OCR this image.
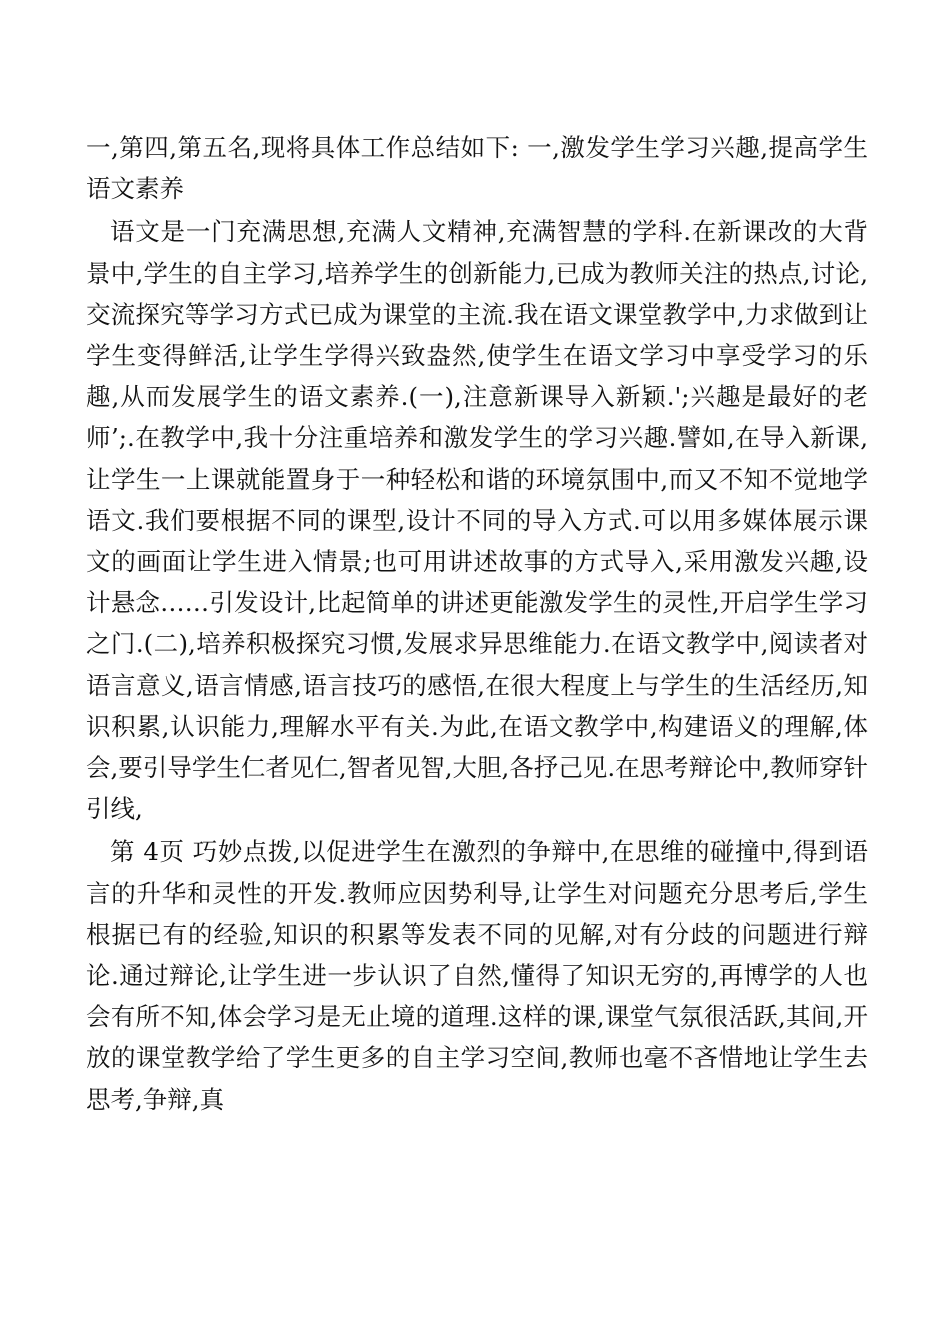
一,第四,第五名,现将具体工作总结如下: 一,激发学生学习兴趣,提高学生语文素养

语文是一门充满思想,充满人文精神,充满智慧的学科.在新课改的大背景中,学生的自主学习,培养学生的创新能力,已成为教师关注的热点,讨论,交流探究等学习方式已成为课堂的主流.我在语文课堂教学中,力求做到让学生变得鲜活,让学生学得兴致盎然,使学生在语文学习中享受学习的乐趣,从而发展学生的语文素养.(一),注意新课导入新颖.';兴趣是最好的老师’;.在教学中,我十分注重培养和激发学生的学习兴趣.譬如,在导入新课,让学生一上课就能置身于一种轻松和谐的环境氛围中,而又不知不觉地学语文.我们要根据不同的课型,设计不同的导入方式.可以用多媒体展示课文的画面让学生进入情景;也可用讲述故事的方式导入,采用激发兴趣,设计悬念……引发设计,比起简单的讲述更能激发学生的灵性,开启学生学习之门.(二),培养积极探究习惯,发展求异思维能力.在语文教学中,阅读者对语言意义,语言情感,语言技巧的感悟,在很大程度上与学生的生活经历,知识积累,认识能力,理解水平有关.为此,在语文教学中,构建语义的理解,体会,要引导学生仁者见仁,智者见智,大胆,各抒己见.在思考辩论中,教师穿针引线,

第 4页 巧妙点拨,以促进学生在激烈的争辩中,在思维的碰撞中,得到语言的升华和灵性的开发.教师应因势利导,让学生对问题充分思考后,学生根据已有的经验,知识的积累等发表不同的见解,对有分歧的问题进行辩论.通过辩论,让学生进一步认识了自然,懂得了知识无穷的,再博学的人也会有所不知,体会学习是无止境的道理.这样的课,课堂气氛很活跃,其间,开放的课堂教学给了学生更多的自主学习空间,教师也毫不吝惜地让学生去思考,争辩,真
